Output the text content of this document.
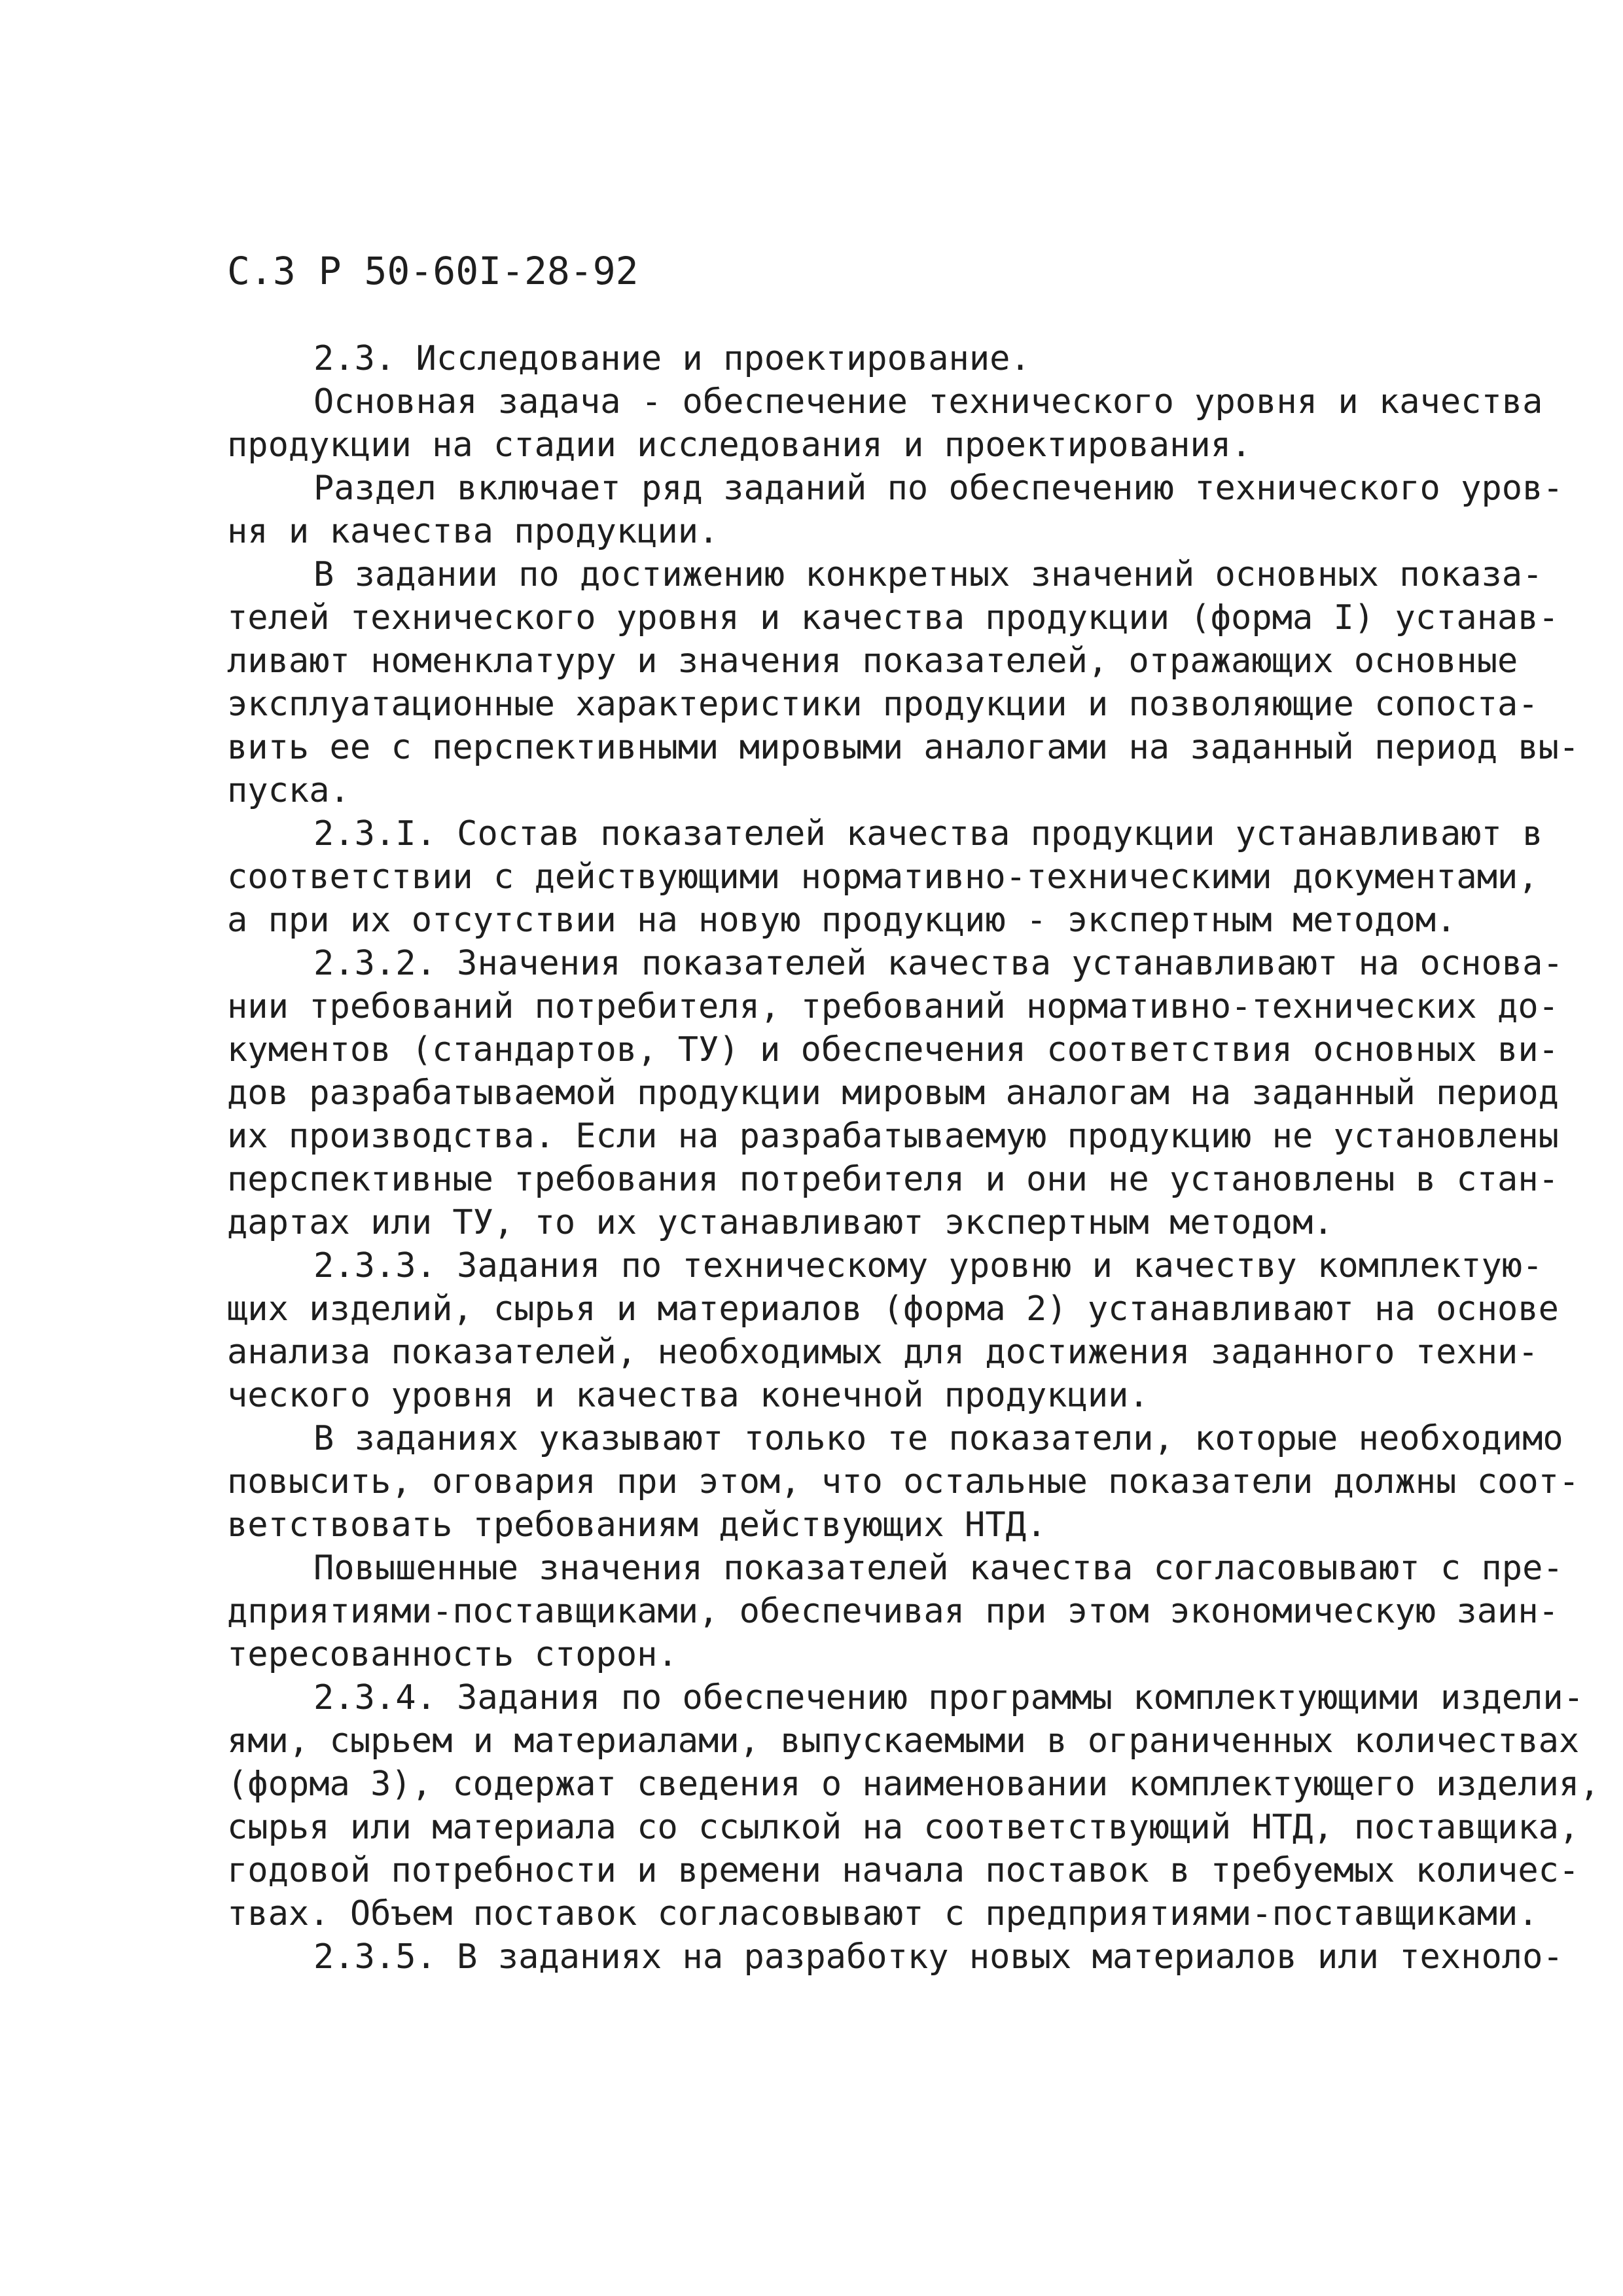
С.3 Р 50-60I-28-92
2.3. Исследование и проектирование.
Основная задача - обеспечение технического уровня и качества
продукции на стадии исследования и проектирования.
Раздел включает ряд заданий по обеспечению технического уров-
ня и качества продукции.
В задании по достижению конкретных значений основных показа-
телей технического уровня и качества продукции (форма I) устанав-
ливают номенклатуру и значения показателей, отражающих основные
эксплуатационные характеристики продукции и позволяющие сопоста-
вить ее с перспективными мировыми аналогами на заданный период вы-
пуска.
2.3.I. Состав показателей качества продукции устанавливают в
соответствии с действующими нормативно-техническими документами,
а при их отсутствии на новую продукцию - экспертным методом.
2.3.2. Значения показателей качества устанавливают на основа-
нии требований потребителя, требований нормативно-технических до-
кументов (стандартов, ТУ) и обеспечения соответствия основных ви-
дов разрабатываемой продукции мировым аналогам на заданный период
их производства. Если на разрабатываемую продукцию не установлены
перспективные требования потребителя и они не установлены в стан-
дартах или ТУ, то их устанавливают экспертным методом.
2.3.3. Задания по техническому уровню и качеству комплектую-
щих изделий, сырья и материалов (форма 2) устанавливают на основе
анализа показателей, необходимых для достижения заданного техни-
ческого уровня и качества конечной продукции.
В заданиях указывают только те показатели, которые необходимо
повысить, оговария при этом, что остальные показатели должны соот-
ветствовать требованиям действующих НТД.
Повышенные значения показателей качества согласовывают с пре-
дприятиями-поставщиками, обеспечивая при этом экономическую заин-
тересованность сторон.
2.3.4. Задания по обеспечению программы комплектующими издели-
ями, сырьем и материалами, выпускаемыми в ограниченных количествах
(форма 3), содержат сведения о наименовании комплектующего изделия,
сырья или материала со ссылкой на соответствующий НТД, поставщика,
годовой потребности и времени начала поставок в требуемых количес-
твах. Объем поставок согласовывают с предприятиями-поставщиками.
2.3.5. В заданиях на разработку новых материалов или техноло-
